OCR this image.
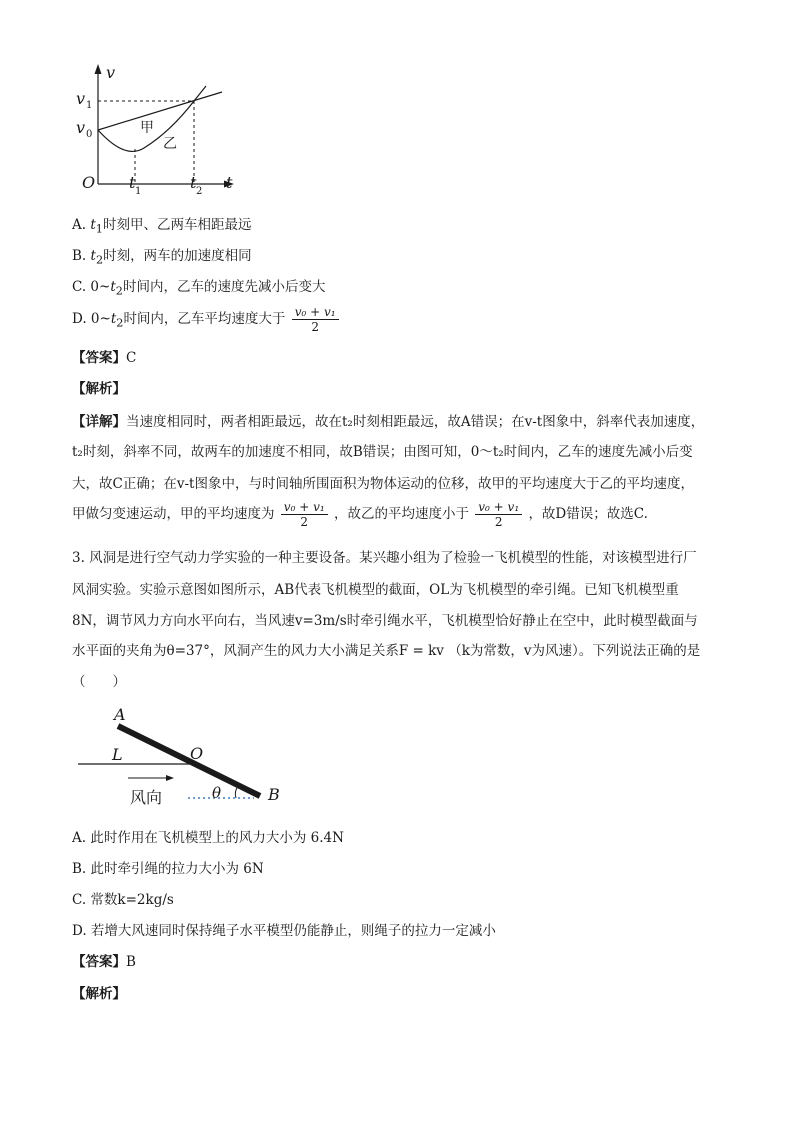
v
t
O
v 1
v 0
t 1	t 2
甲
乙
A. $t_1$时刻甲、乙两车相距最远
B. $t_2$时刻，两车的加速度相同
C. $0\sim t_2$时间内，乙车的速度先减小后变大
D. $0\sim t_2$时间内，乙车平均速度大于 $\frac{\text{v₀ + v₁}}{2}$
【答案】C
【解析】
【详解】当速度相同时，两者相距最远，故在t₂时刻相距最远，故A错误；在v-t图象中，斜率代表加速度，
t₂时刻，斜率不同，故两车的加速度不相同，故B错误；由图可知，0～t₂时间内，乙车的速度先减小后变
大，故C正确；在v-t图象中，与时间轴所围面积为物体运动的位移，故甲的平均速度大于乙的平均速度，
甲做匀变速运动，甲的平均速度为 $\frac{\text{v₀ + v₁}}{2}$ ，故乙的平均速度小于 $\frac{\text{v₀ + v₁}}{2}$ ，故D错误；故选C.
3. 风洞是进行空气动力学实验的一种主要设备。某兴趣小组为了检验一飞机模型的性能，对该模型进行厂
风洞实验。实验示意图如图所示，AB代表飞机模型的截面，OL为飞机模型的牵引绳。已知飞机模型重
8N，调节风力方向水平向右，当风速v=3m/s时牵引绳水平，飞机模型恰好静止在空中，此时模型截面与
水平面的夹角为θ=37°，风洞产生的风力大小满足关系F = kv （k为常数，v为风速）。下列说法正确的是
（　　）
A
L	O
B
θ
风向
A. 此时作用在飞机模型上的风力大小为 6.4N
B. 此时牵引绳的拉力大小为 6N
C. 常数k=2kg/s
D. 若增大风速同时保持绳子水平模型仍能静止，则绳子的拉力一定减小
【答案】B
【解析】
